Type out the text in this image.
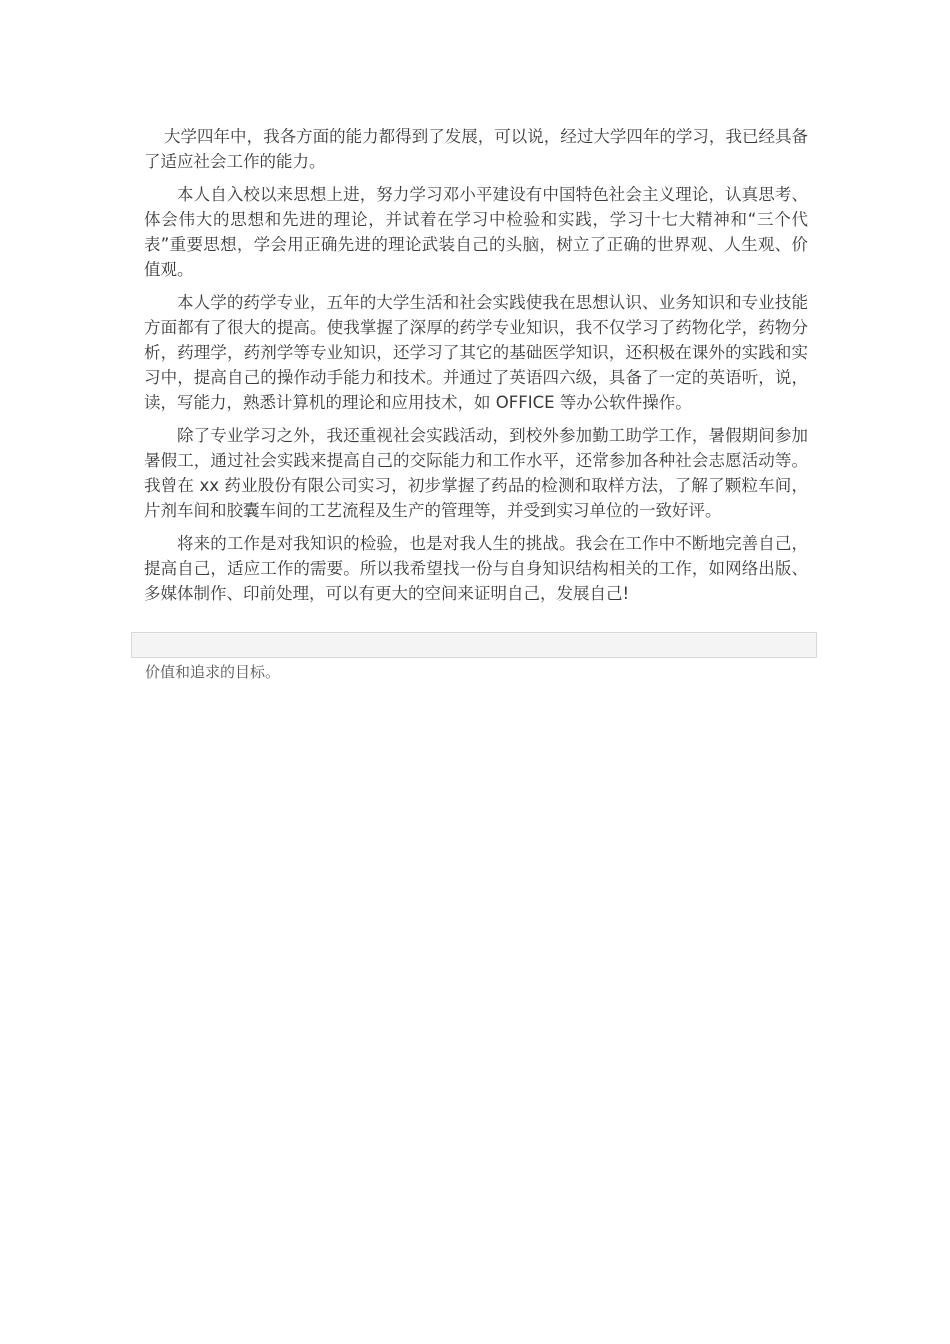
大学四年中，我各方面的能力都得到了发展，可以说，经过大学四年的学习，我已经具备了适应社会工作的能力。

本人自入校以来思想上进，努力学习邓小平建设有中国特色社会主义理论，认真思考、体会伟大的思想和先进的理论，并试着在学习中检验和实践，学习十七大精神和“三个代表”重要思想，学会用正确先进的理论武装自己的头脑，树立了正确的世界观、人生观、价值观。

本人学的药学专业，五年的大学生活和社会实践使我在思想认识、业务知识和专业技能方面都有了很大的提高。使我掌握了深厚的药学专业知识，我不仅学习了药物化学，药物分析，药理学，药剂学等专业知识，还学习了其它的基础医学知识，还积极在课外的实践和实习中，提高自己的操作动手能力和技术。并通过了英语四六级，具备了一定的英语听，说，读，写能力，熟悉计算机的理论和应用技术，如 OFFICE 等办公软件操作。

除了专业学习之外，我还重视社会实践活动，到校外参加勤工助学工作，暑假期间参加暑假工，通过社会实践来提高自己的交际能力和工作水平，还常参加各种社会志愿活动等。我曾在 xx 药业股份有限公司实习，初步掌握了药品的检测和取样方法，了解了颗粒车间，片剂车间和胶囊车间的工艺流程及生产的管理等，并受到实习单位的一致好评。

将来的工作是对我知识的检验，也是对我人生的挑战。我会在工作中不断地完善自己，提高自己，适应工作的需要。所以我希望找一份与自身知识结构相关的工作，如网络出版、多媒体制作、印前处理，可以有更大的空间来证明自己，发展自己!

价值和追求的目标。
